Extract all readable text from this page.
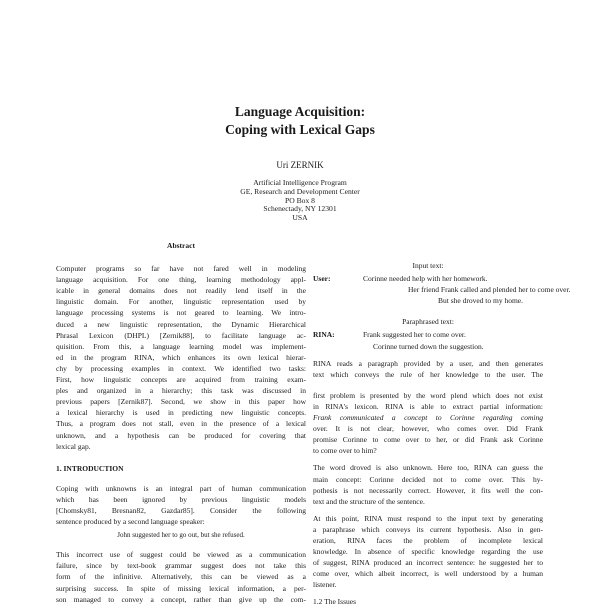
Language Acquisition:
Coping with Lexical Gaps
Uri ZERNIK
Artificial Intelligence Program
GE, Research and Development Center
PO Box 8
Schenectady, NY 12301
USA
Abstract
Computer programs so far have not fared well in modeling
language acquisition. For one thing, learning methodology appl-
icable in general domains does not readily lend itself in the
linguistic domain. For another, linguistic representation used by
language processing systems is not geared to learning. We intro-
duced a new linguistic representation, the Dynamic Hierarchical
Phrasal Lexicon (DHPL) [Zernik88], to facilitate language ac-
quisition. From this, a language learning model was implement-
ed in the program RINA, which enhances its own lexical hierar-
chy by processing examples in context. We identified two tasks:
First, how linguistic concepts are acquired from training exam-
ples and organized in a hierarchy; this task was discussed in
previous papers [Zernik87]. Second, we show in this paper how
a lexical hierarchy is used in predicting new linguistic concepts.
Thus, a program does not stall, even in the presence of a lexical
unknown, and a hypothesis can be produced for covering that
lexical gap.
1. INTRODUCTION
Coping with unknowns is an integral part of human communication
which has been ignored by previous linguistic models
[Chomsky81, Bresnan82, Gazdar85]. Consider the following
sentence produced by a second language speaker:
John suggested her to go out, but she refused.
This incorrect use of suggest could be viewed as a communication
failure, since by text-book grammar suggest does not take this
form of the infinitive. Alternatively, this can be viewed as a
surprising success. In spite of missing lexical information, a per-
son managed to convey a concept, rather than give up the com-
Input text:
User:	Corinne needed help with her homework.
Her friend Frank called and plended her to come over.
But she droved to my home.
Paraphrased text:
RINA:	Frank suggested her to come over.
Corinne turned down the suggestion.
RINA reads a paragraph provided by a user, and then generates
text which conveys the rule of her knowledge to the user. The
first problem is presented by the word plend which does not exist
in RINA's lexicon. RINA is able to extract partial information:
Frank communicated a concept to Corinne regarding coming
over. It is not clear, however, who comes over. Did Frank
promise Corinne to come over to her, or did Frank ask Corinne
to come over to him?
The word droved is also unknown. Here too, RINA can guess the
main concept: Corinne decided not to come over. This hy-
pothesis is not necessarily correct. However, it fits well the con-
text and the structure of the sentence.
At this point, RINA must respond to the input text by generating
a paraphrase which conveys its current hypothesis. Also in gen-
eration, RINA faces the problem of incomplete lexical
knowledge. In absence of specific knowledge regarding the use
of suggest, RINA produced an incorrect sentence: he suggested her to
come over, which albeit incorrect, is well understood by a human
listener.
1.2 The Issues
